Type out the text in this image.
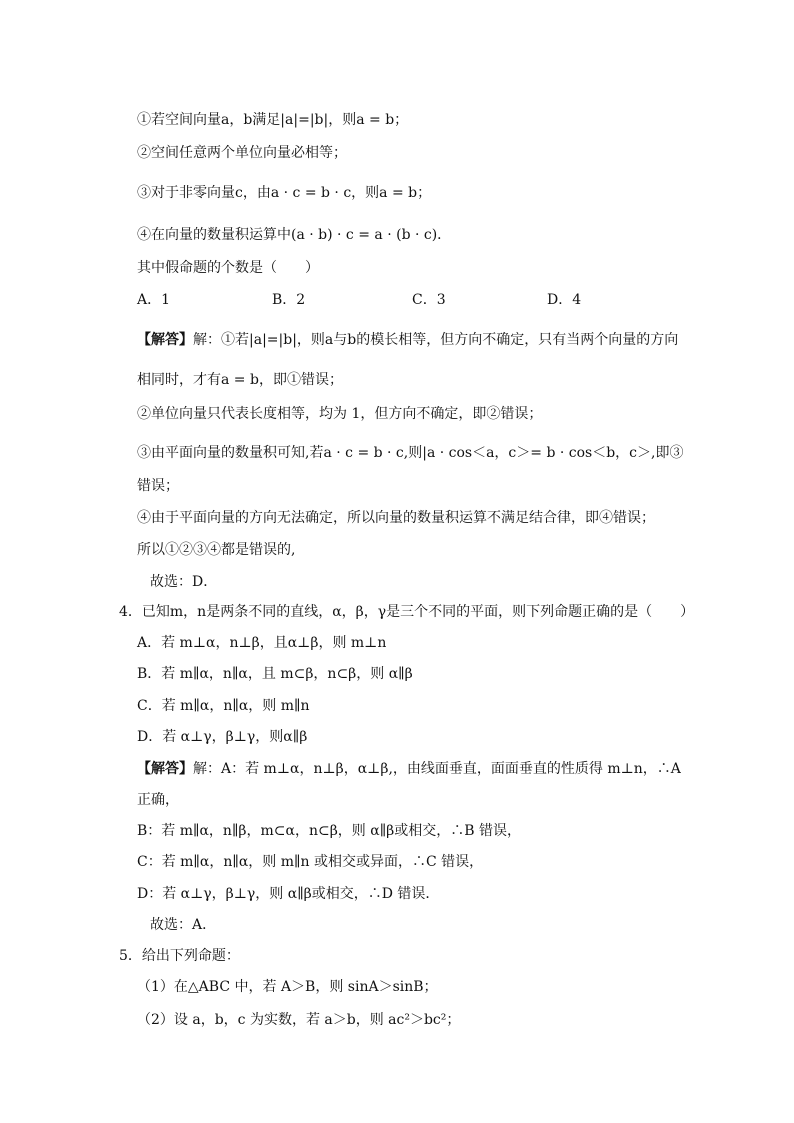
①若空间向量a，b满足|a|=|b|，则a = b；
②空间任意两个单位向量必相等；
③对于非零向量c，由a · c = b · c，则a = b；
④在向量的数量积运算中(a · b) · c = a · (b · c)．
其中假命题的个数是（　　）
A．1	B．2	C．3	D．4
【解答】解：①若|a|=|b|，则a与b的模长相等，但方向不确定，只有当两个向量的方向
相同时，才有a = b，即①错误；
②单位向量只代表长度相等，均为 1，但方向不确定，即②错误；
③由平面向量的数量积可知,若a · c = b · c,则|a · cos＜a，c＞= b · cos＜b，c＞,即③
错误；
④由于平面向量的方向无法确定，所以向量的数量积运算不满足结合律，即④错误；
所以①②③④都是错误的,
故选：D．
4．已知m，n是两条不同的直线，α，β，γ是三个不同的平面，则下列命题正确的是（　　）
A．若 m⊥α，n⊥β，且α⊥β，则 m⊥n
B．若 m∥α，n∥α，且 m⊂β，n⊂β，则 α∥β
C．若 m∥α，n∥α，则 m∥n
D．若 α⊥γ，β⊥γ，则α∥β
【解答】解：A：若 m⊥α，n⊥β，α⊥β,，由线面垂直，面面垂直的性质得 m⊥n，∴A
正确，
B：若 m∥α，n∥β，m⊂α，n⊂β，则 α∥β或相交，∴B 错误，
C：若 m∥α，n∥α，则 m∥n 或相交或异面，∴C 错误，
D：若 α⊥γ，β⊥γ，则 α∥β或相交，∴D 错误．
故选：A．
5．给出下列命题：
（1）在△ABC 中，若 A＞B，则 sinA＞sinB；
（2）设 a，b，c 为实数，若 a＞b，则 ac²＞bc²；
